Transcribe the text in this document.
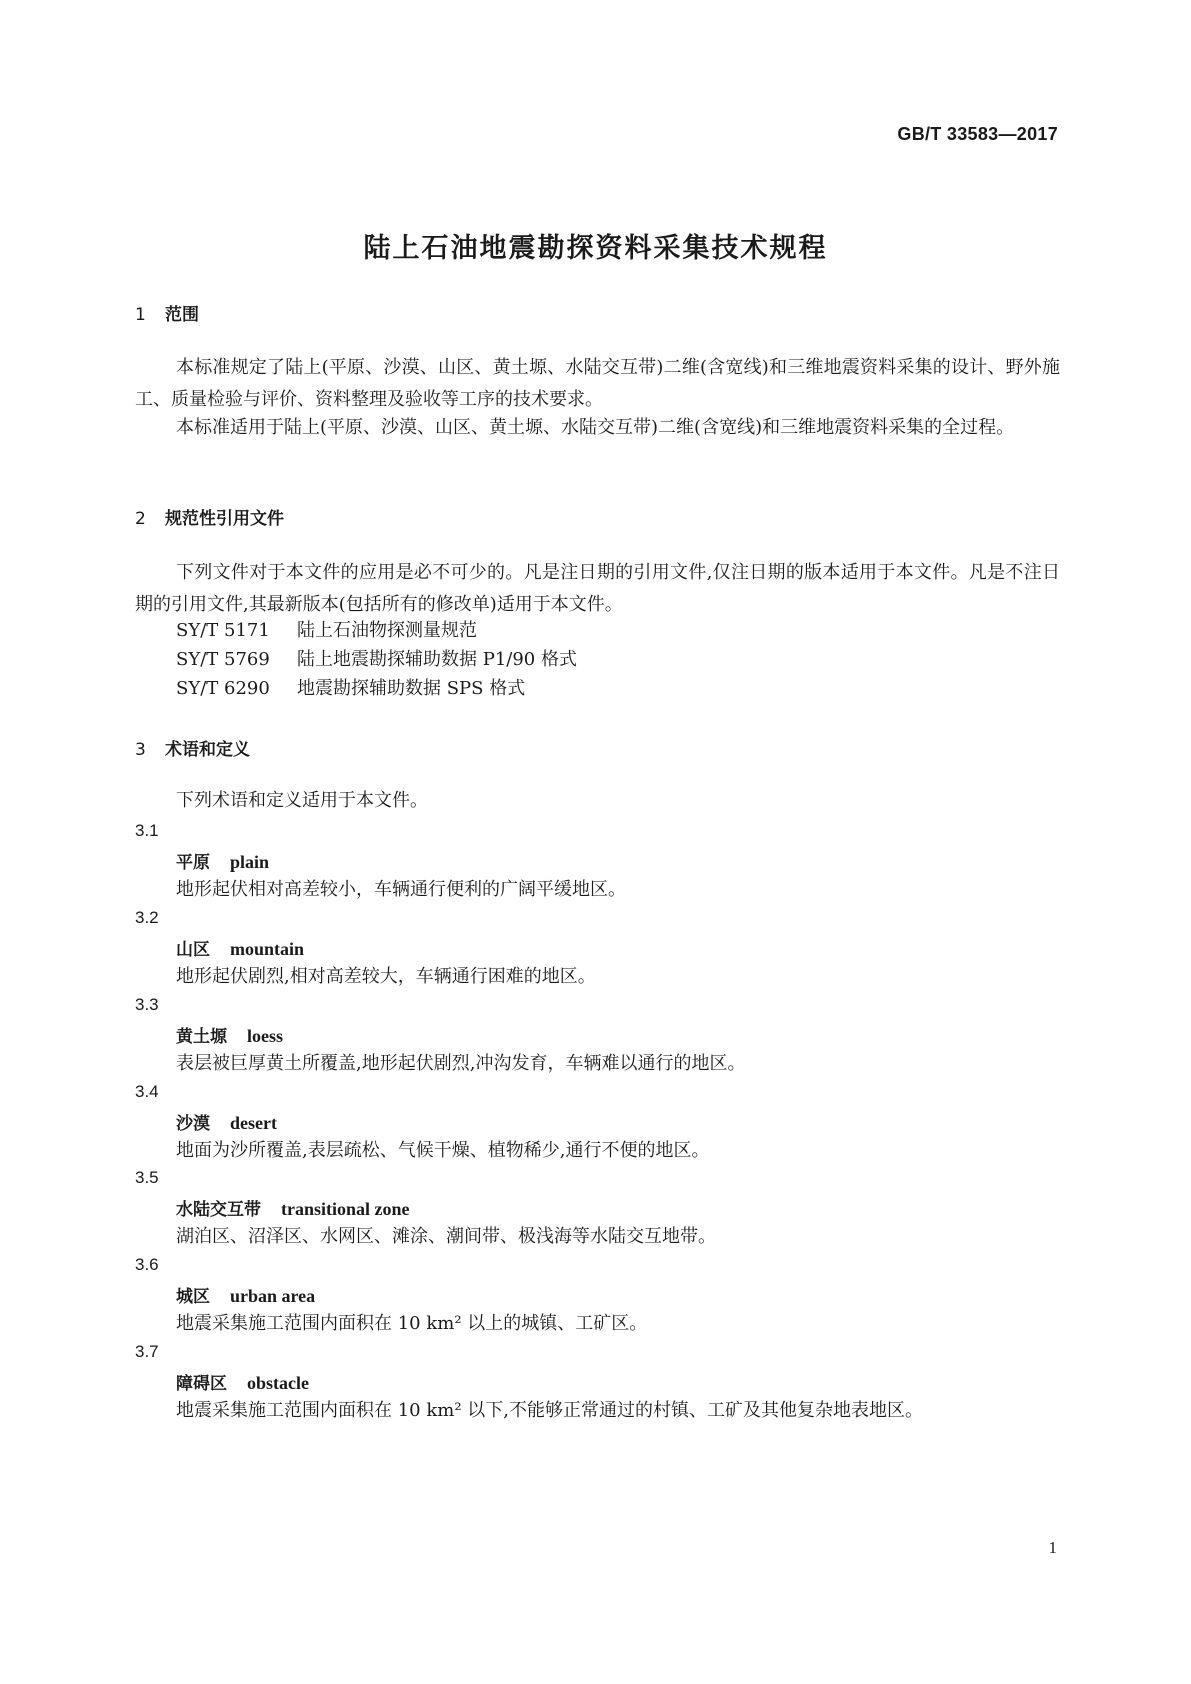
GB/T 33583—2017
陆上石油地震勘探资料采集技术规程
1 范围

本标准规定了陆上(平原、沙漠、山区、黄土塬、水陆交互带)二维(含宽线)和三维地震资料采集的设计、野外施工、质量检验与评价、资料整理及验收等工序的技术要求。

本标准适用于陆上(平原、沙漠、山区、黄土塬、水陆交互带)二维(含宽线)和三维地震资料采集的全过程。

2 规范性引用文件

下列文件对于本文件的应用是必不可少的。凡是注日期的引用文件,仅注日期的版本适用于本文件。凡是不注日期的引用文件,其最新版本(包括所有的修改单)适用于本文件。

SY/T 5171 陆上石油物探测量规范

SY/T 5769 陆上地震勘探辅助数据 P1/90 格式

SY/T 6290 地震勘探辅助数据 SPS 格式

3 术语和定义

下列术语和定义适用于本文件。

3.1
平原 plain
地形起伏相对高差较小，车辆通行便利的广阔平缓地区。
3.2
山区 mountain
地形起伏剧烈,相对高差较大，车辆通行困难的地区。
3.3
黄土塬 loess
表层被巨厚黄土所覆盖,地形起伏剧烈,冲沟发育，车辆难以通行的地区。
3.4
沙漠 desert
地面为沙所覆盖,表层疏松、气候干燥、植物稀少,通行不便的地区。
3.5
水陆交互带 transitional zone
湖泊区、沼泽区、水网区、滩涂、潮间带、极浅海等水陆交互地带。
3.6
城区 urban area
地震采集施工范围内面积在 10 km² 以上的城镇、工矿区。
3.7
障碍区 obstacle
地震采集施工范围内面积在 10 km² 以下,不能够正常通过的村镇、工矿及其他复杂地表地区。
1
